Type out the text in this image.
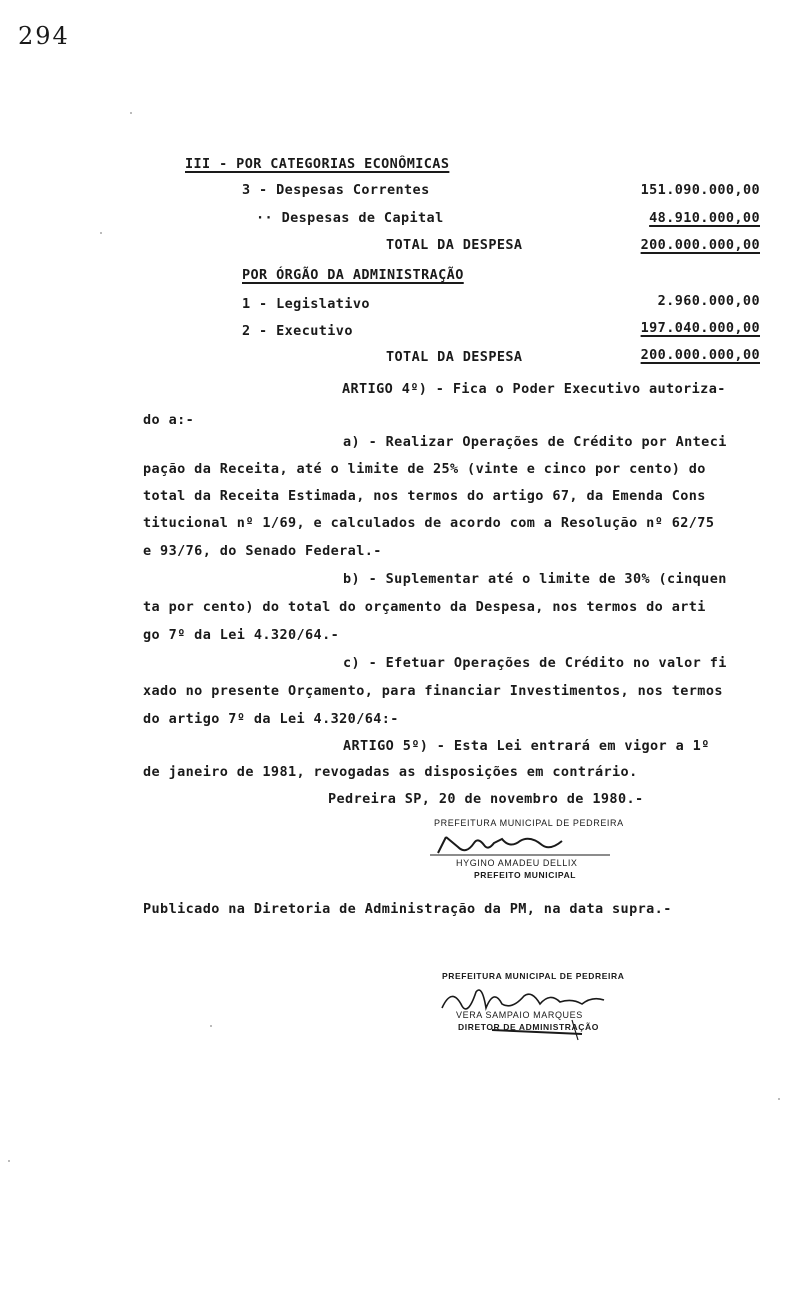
294
III - POR CATEGORIAS ECONÔMICAS
3 - Despesas Correntes	151.090.000,00
·· Despesas de Capital	48.910.000,00
TOTAL DA DESPESA	200.000.000,00
POR ÓRGÃO DA ADMINISTRAÇÃO
1 - Legislativo	2.960.000,00
2 - Executivo	197.040.000,00
TOTAL DA DESPESA	200.000.000,00
ARTIGO 4º) - Fica o Poder Executivo autoriza-
do a:-
a) - Realizar Operações de Crédito por Anteci
pação da Receita, até o limite de 25% (vinte e cinco por cento) do
total da Receita Estimada, nos termos do artigo 67, da Emenda Cons
titucional nº 1/69, e calculados de acordo com a Resolução nº 62/75
e 93/76, do Senado Federal.-
b) - Suplementar até o limite de 30% (cinquen
ta por cento) do total do orçamento da Despesa, nos termos do arti
go 7º da Lei 4.320/64.-
c) - Efetuar Operações de Crédito no valor fi
xado no presente Orçamento, para financiar Investimentos, nos termos
do artigo 7º da Lei 4.320/64:-
ARTIGO 5º) - Esta Lei entrará em vigor a 1º
de janeiro de 1981, revogadas as disposições em contrário.
Pedreira SP, 20 de novembro de 1980.-
PREFEITURA MUNICIPAL DE PEDREIRA
HYGINO AMADEU DELLIX
PREFEITO MUNICIPAL
Publicado na Diretoria de Administração da PM, na data supra.-
PREFEITURA MUNICIPAL DE PEDREIRA
VERA SAMPAIO MARQUES
DIRETOR DE ADMINISTRAÇÃO
